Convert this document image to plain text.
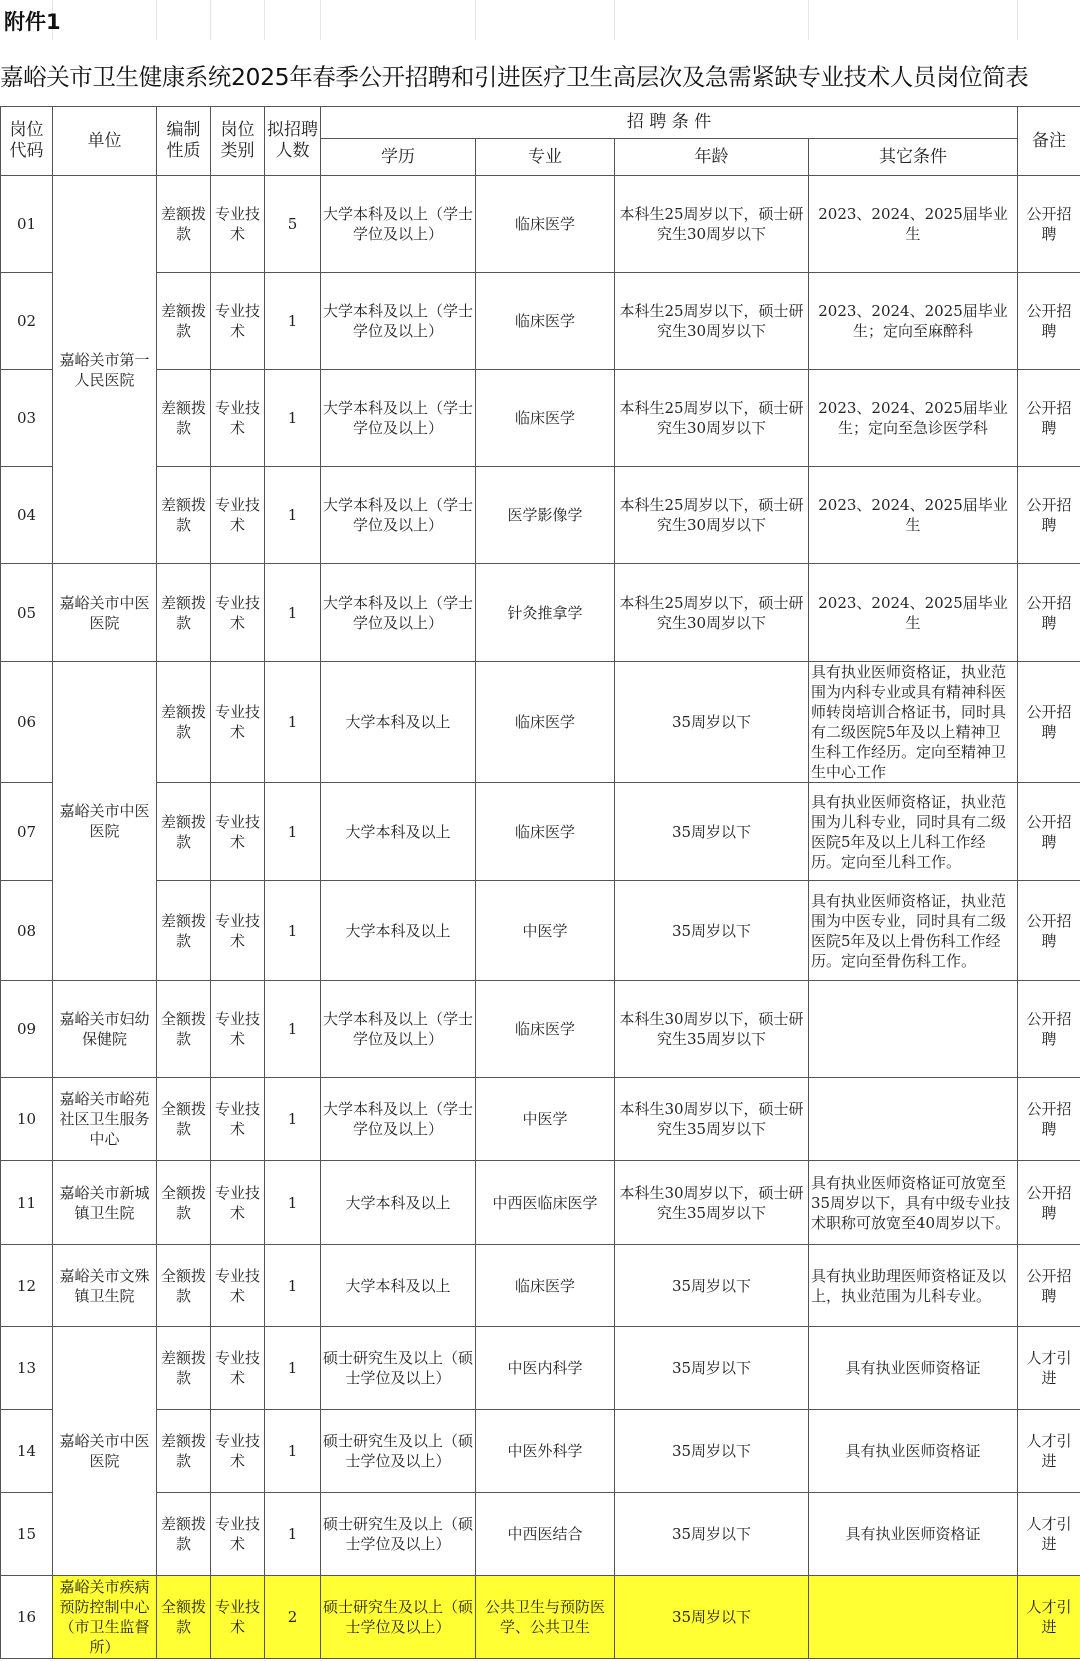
附件1
嘉峪关市卫生健康系统2025年春季公开招聘和引进医疗卫生高层次及急需紧缺专业技术人员岗位简表
岗位代码	单位	编制性质	岗位类别	拟招聘人数	招 聘 条 件				备注
					学历	专业	年龄	其它条件	
01	嘉峪关市第一人民医院	差额拨款	专业技术	5	大学本科及以上（学士学位及以上）	临床医学	本科生25周岁以下，硕士研究生30周岁以下	2023、2024、2025届毕业生	公开招聘
02		差额拨款	专业技术	1	大学本科及以上（学士学位及以上）	临床医学	本科生25周岁以下，硕士研究生30周岁以下	2023、2024、2025届毕业生；定向至麻醉科	公开招聘
03		差额拨款	专业技术	1	大学本科及以上（学士学位及以上）	临床医学	本科生25周岁以下，硕士研究生30周岁以下	2023、2024、2025届毕业生；定向至急诊医学科	公开招聘
04		差额拨款	专业技术	1	大学本科及以上（学士学位及以上）	医学影像学	本科生25周岁以下，硕士研究生30周岁以下	2023、2024、2025届毕业生	公开招聘
05	嘉峪关市中医医院	差额拨款	专业技术	1	大学本科及以上（学士学位及以上）	针灸推拿学	本科生25周岁以下，硕士研究生30周岁以下	2023、2024、2025届毕业生	公开招聘
06	嘉峪关市中医医院	差额拨款	专业技术	1	大学本科及以上	临床医学	35周岁以下	具有执业医师资格证，执业范围为内科专业或具有精神科医师转岗培训合格证书，同时具有二级医院5年及以上精神卫生科工作经历。定向至精神卫生中心工作	公开招聘
07		差额拨款	专业技术	1	大学本科及以上	临床医学	35周岁以下	具有执业医师资格证，执业范围为儿科专业，同时具有二级医院5年及以上儿科工作经历。定向至儿科工作。	公开招聘
08		差额拨款	专业技术	1	大学本科及以上	中医学	35周岁以下	具有执业医师资格证，执业范围为中医专业，同时具有二级医院5年及以上骨伤科工作经历。定向至骨伤科工作。	公开招聘
09	嘉峪关市妇幼保健院	全额拨款	专业技术	1	大学本科及以上（学士学位及以上）	临床医学	本科生30周岁以下，硕士研究生35周岁以下		公开招聘
10	嘉峪关市峪苑社区卫生服务中心	全额拨款	专业技术	1	大学本科及以上（学士学位及以上）	中医学	本科生30周岁以下，硕士研究生35周岁以下		公开招聘
11	嘉峪关市新城镇卫生院	全额拨款	专业技术	1	大学本科及以上	中西医临床医学	本科生30周岁以下，硕士研究生35周岁以下	具有执业医师资格证可放宽至35周岁以下，具有中级专业技术职称可放宽至40周岁以下。	公开招聘
12	嘉峪关市文殊镇卫生院	全额拨款	专业技术	1	大学本科及以上	临床医学	35周岁以下	具有执业助理医师资格证及以上，执业范围为儿科专业。	公开招聘
13	嘉峪关市中医医院	差额拨款	专业技术	1	硕士研究生及以上（硕士学位及以上）	中医内科学	35周岁以下	具有执业医师资格证	人才引进
14		差额拨款	专业技术	1	硕士研究生及以上（硕士学位及以上）	中医外科学	35周岁以下	具有执业医师资格证	人才引进
15		差额拨款	专业技术	1	硕士研究生及以上（硕士学位及以上）	中西医结合	35周岁以下	具有执业医师资格证	人才引进
16	嘉峪关市疾病预防控制中心（市卫生监督所）	全额拨款	专业技术	2	硕士研究生及以上（硕士学位及以上）	公共卫生与预防医学、公共卫生	35周岁以下		人才引进
